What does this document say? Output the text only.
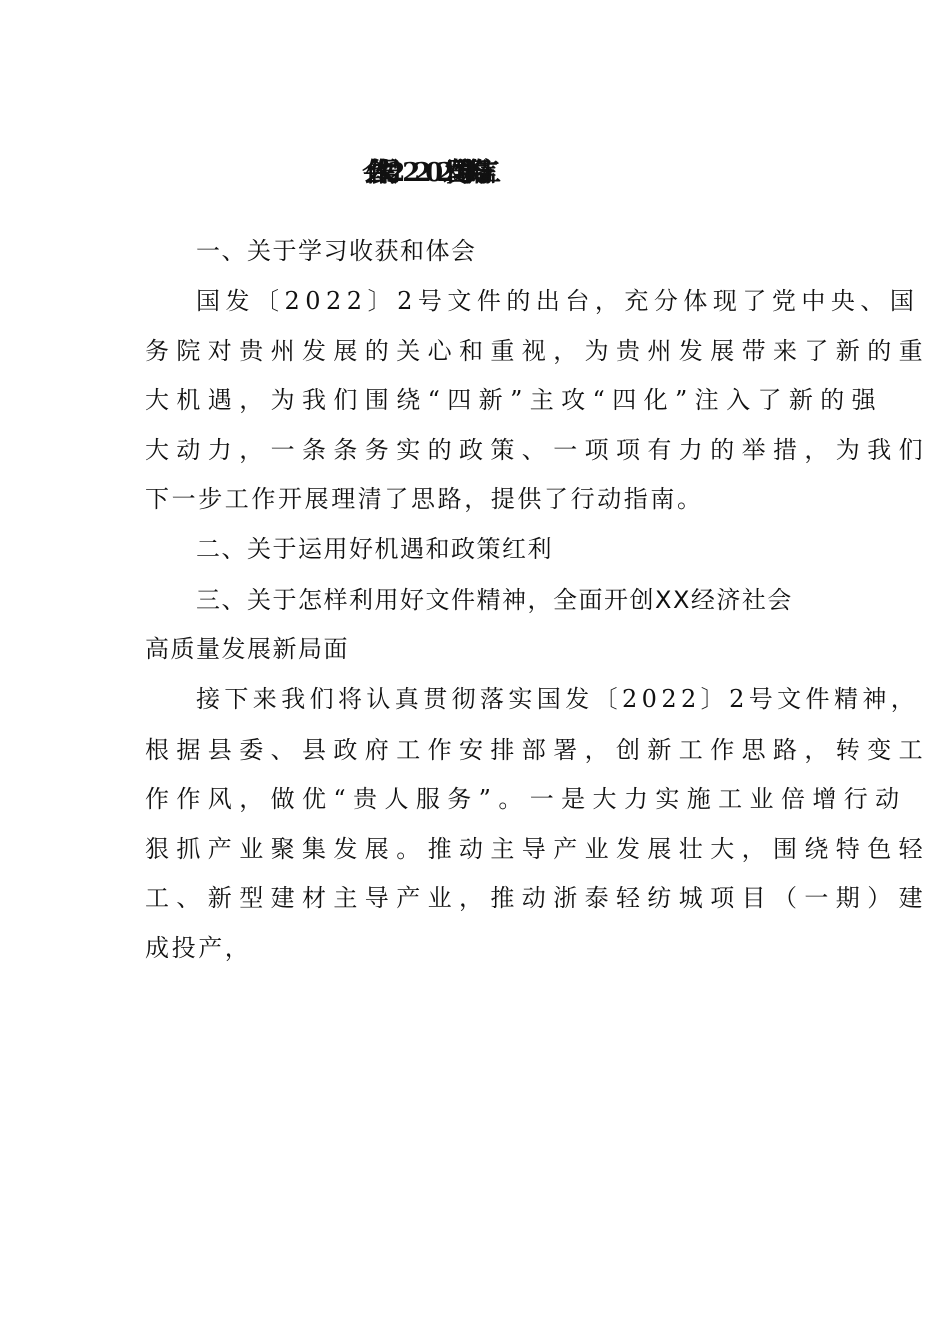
一、关于学习收获和体会
国发〔2022〕2号文件的出台，充分体现了党中央、国
务院对贵州发展的关心和重视，为贵州发展带来了新的重
大机遇，为我们围绕“四新”主攻“四化”注入了新的强
大动力，一条条务实的政策、一项项有力的举措，为我们
下一步工作开展理清了思路，提供了行动指南。
二、关于运用好机遇和政策红利
三、关于怎样利用好文件精神，全面开创XX经济社会
高质量发展新局面
接下来我们将认真贯彻落实国发〔2022〕2号文件精神，
根据县委、县政府工作安排部署，创新工作思路，转变工
作作风，做优“贵人服务”。一是大力实施工业倍增行动
狠抓产业聚集发展。推动主导产业发展壮大，围绕特色轻
工、新型建材主导产业，推动浙泰轻纺城项目（一期）建
成投产，
